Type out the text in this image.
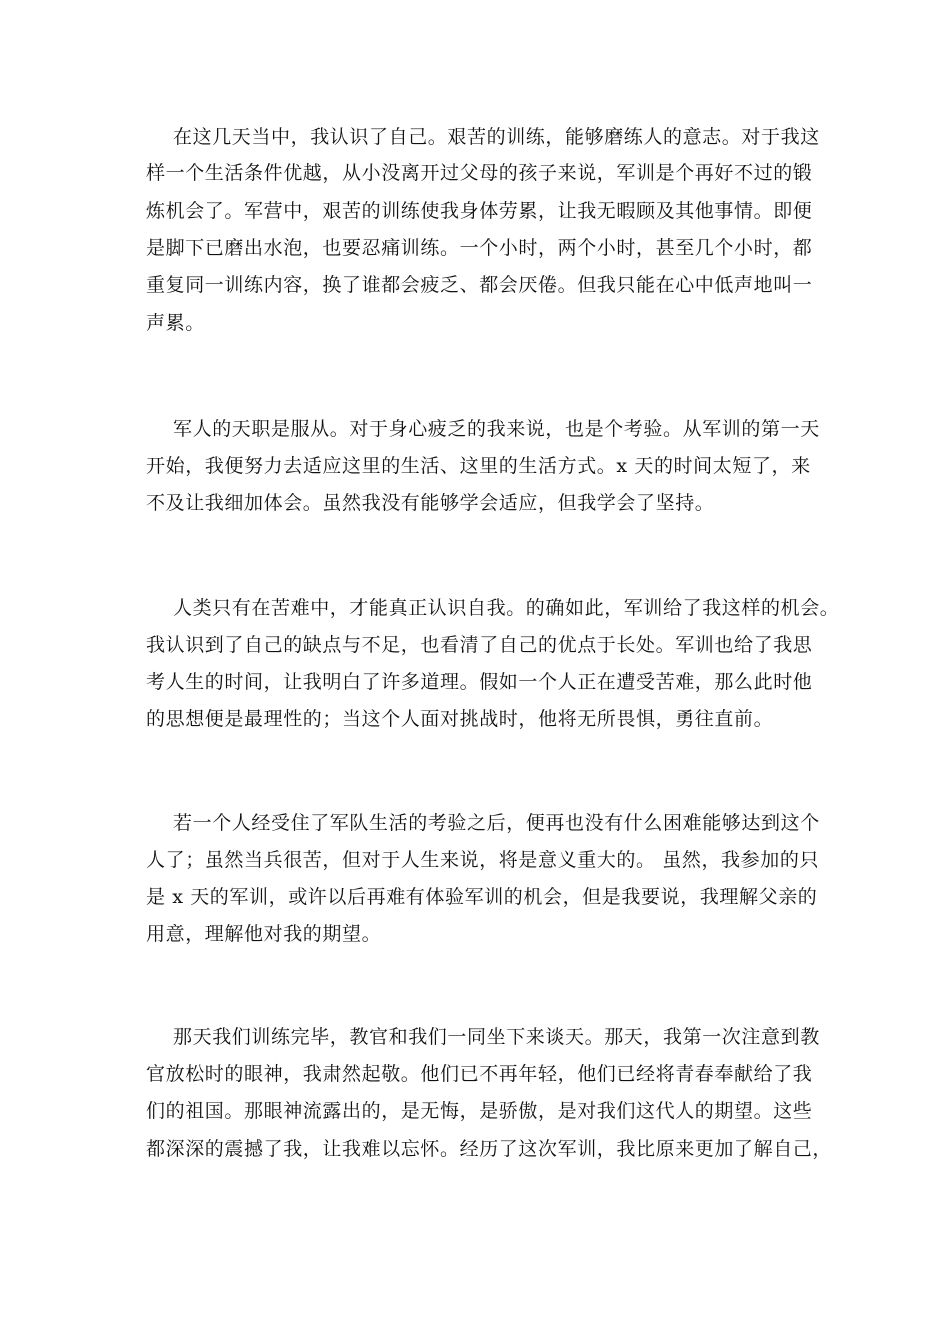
在这几天当中，我认识了自己。艰苦的训练，能够磨练人的意志。对于我这

样一个生活条件优越，从小没离开过父母的孩子来说，军训是个再好不过的锻

炼机会了。军营中，艰苦的训练使我身体劳累，让我无暇顾及其他事情。即便

是脚下已磨出水泡，也要忍痛训练。一个小时，两个小时，甚至几个小时，都

重复同一训练内容，换了谁都会疲乏、都会厌倦。但我只能在心中低声地叫一

声累。

军人的天职是服从。对于身心疲乏的我来说，也是个考验。从军训的第一天

开始，我便努力去适应这里的生活、这里的生活方式。x 天的时间太短了，来

不及让我细加体会。虽然我没有能够学会适应，但我学会了坚持。

人类只有在苦难中，才能真正认识自我。的确如此，军训给了我这样的机会。

我认识到了自己的缺点与不足，也看清了自己的优点于长处。军训也给了我思

考人生的时间，让我明白了许多道理。假如一个人正在遭受苦难，那么此时他

的思想便是最理性的；当这个人面对挑战时，他将无所畏惧，勇往直前。

若一个人经受住了军队生活的考验之后，便再也没有什么困难能够达到这个

人了；虽然当兵很苦，但对于人生来说，将是意义重大的。 虽然，我参加的只

是 x 天的军训，或许以后再难有体验军训的机会，但是我要说，我理解父亲的

用意，理解他对我的期望。

那天我们训练完毕，教官和我们一同坐下来谈天。那天，我第一次注意到教

官放松时的眼神，我肃然起敬。他们已不再年轻，他们已经将青春奉献给了我

们的祖国。那眼神流露出的，是无悔，是骄傲，是对我们这代人的期望。这些

都深深的震撼了我，让我难以忘怀。经历了这次军训，我比原来更加了解自己，
